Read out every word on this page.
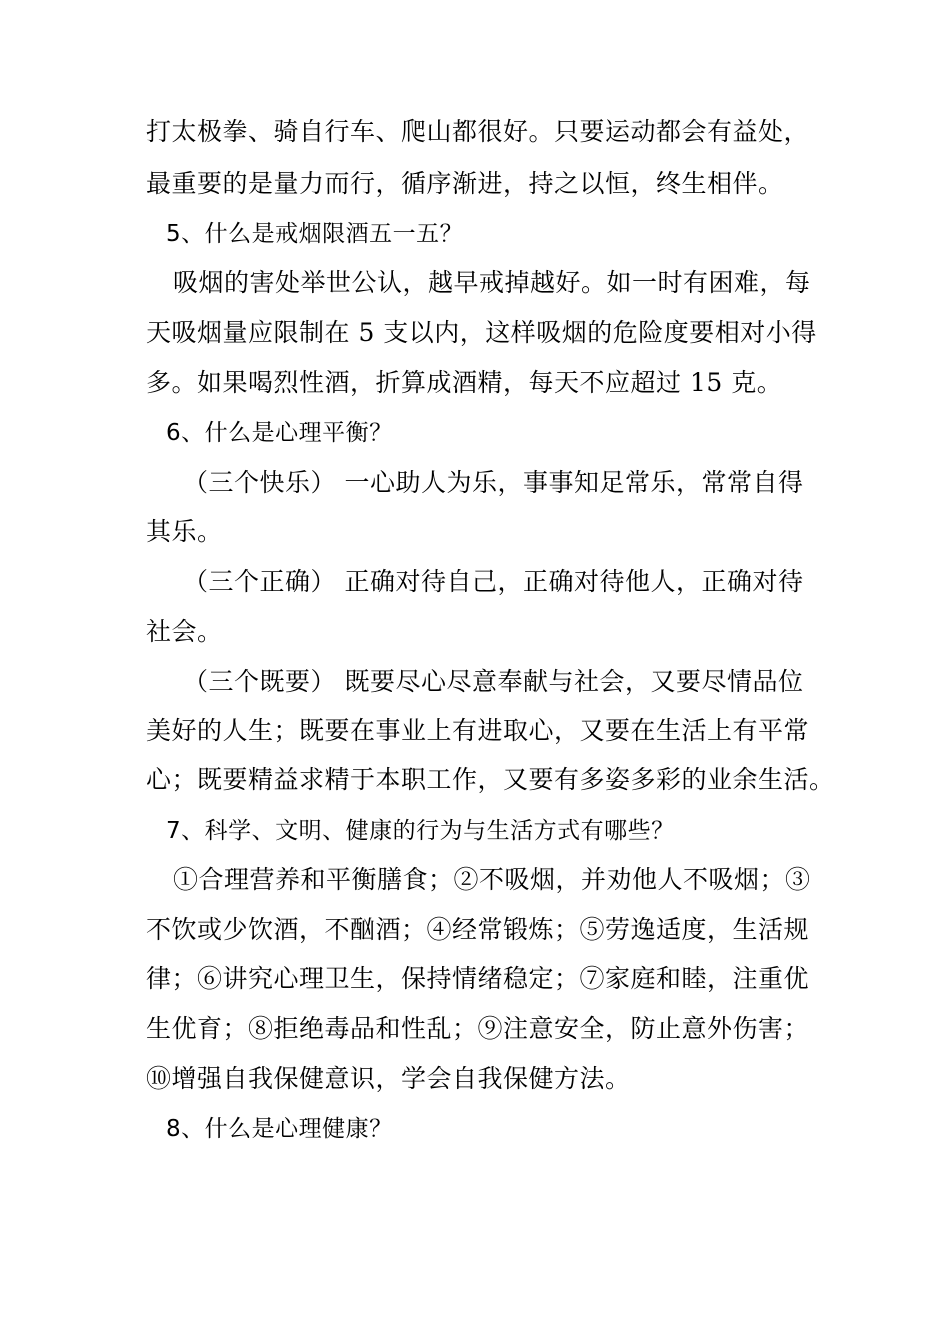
打太极拳、骑自行车、爬山都很好。只要运动都会有益处，
最重要的是量力而行，循序渐进，持之以恒，终生相伴。
5、什么是戒烟限酒五一五？
吸烟的害处举世公认，越早戒掉越好。如一时有困难，每
天吸烟量应限制在 5 支以内，这样吸烟的危险度要相对小得
多。如果喝烈性酒，折算成酒精，每天不应超过 15 克。
6、什么是心理平衡？
（三个快乐） 一心助人为乐，事事知足常乐，常常自得
其乐。
（三个正确） 正确对待自己，正确对待他人，正确对待
社会。
（三个既要） 既要尽心尽意奉献与社会，又要尽情品位
美好的人生；既要在事业上有进取心，又要在生活上有平常
心；既要精益求精于本职工作，又要有多姿多彩的业余生活。
7、科学、文明、健康的行为与生活方式有哪些？
①合理营养和平衡膳食；②不吸烟，并劝他人不吸烟；③
不饮或少饮酒，不酗酒；④经常锻炼；⑤劳逸适度，生活规
律；⑥讲究心理卫生，保持情绪稳定；⑦家庭和睦，注重优
生优育；⑧拒绝毒品和性乱；⑨注意安全，防止意外伤害；
⑩增强自我保健意识，学会自我保健方法。
8、什么是心理健康？
